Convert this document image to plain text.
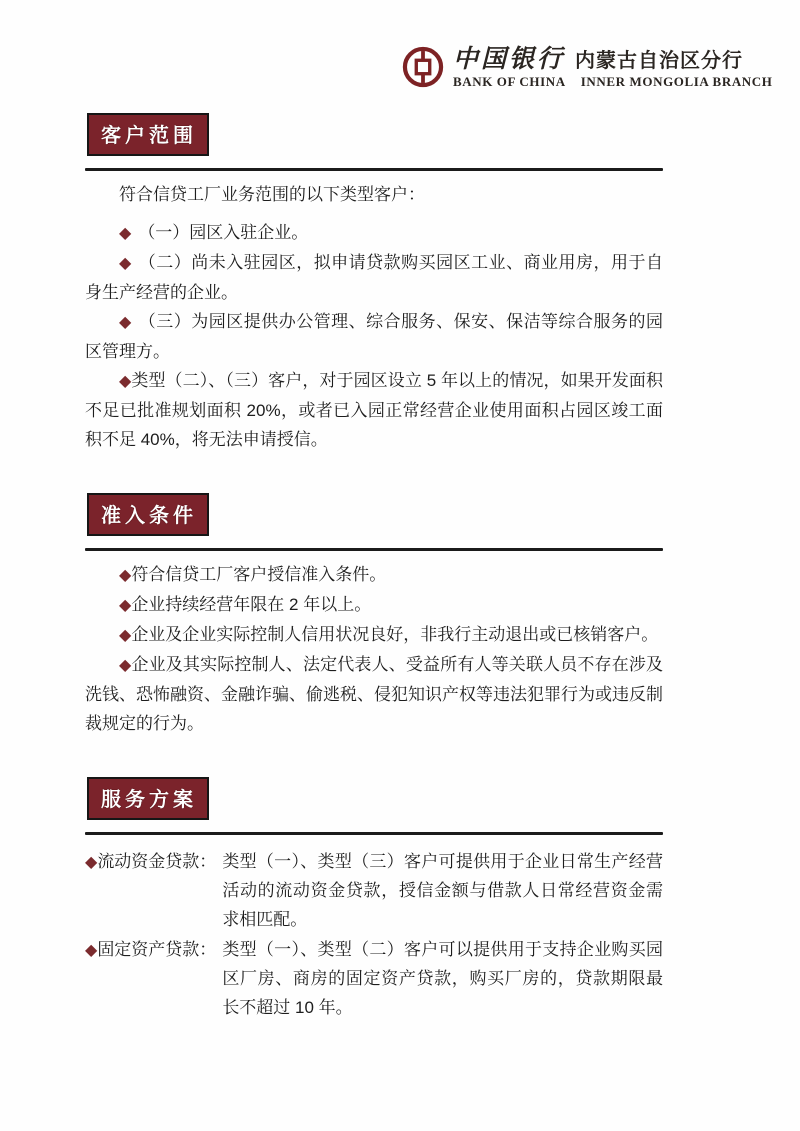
中国银行 内蒙古自治区分行
BANK OF CHINA INNER MONGOLIA BRANCH
客户范围

符合信贷工厂业务范围的以下类型客户：

◆ （一）园区入驻企业。

◆ （二）尚未入驻园区，拟申请贷款购买园区工业、商业用房，用于自身生产经营的企业。

◆ （三）为园区提供办公管理、综合服务、保安、保洁等综合服务的园区管理方。

◆类型（二）、（三）客户，对于园区设立 5 年以上的情况，如果开发面积不足已批准规划面积 20%，或者已入园正常经营企业使用面积占园区竣工面积不足 40%，将无法申请授信。

准入条件

◆符合信贷工厂客户授信准入条件。

◆企业持续经营年限在 2 年以上。

◆企业及企业实际控制人信用状况良好，非我行主动退出或已核销客户。

◆企业及其实际控制人、法定代表人、受益所有人等关联人员不存在涉及洗钱、恐怖融资、金融诈骗、偷逃税、侵犯知识产权等违法犯罪行为或违反制裁规定的行为。

服务方案
◆流动资金贷款： 类型（一）、类型（三）客户可提供用于企业日常生产经营活动的流动资金贷款，授信金额与借款人日常经营资金需求相匹配。
◆固定资产贷款： 类型（一）、类型（二）客户可以提供用于支持企业购买园区厂房、商房的固定资产贷款，购买厂房的，贷款期限最长不超过 10 年。
